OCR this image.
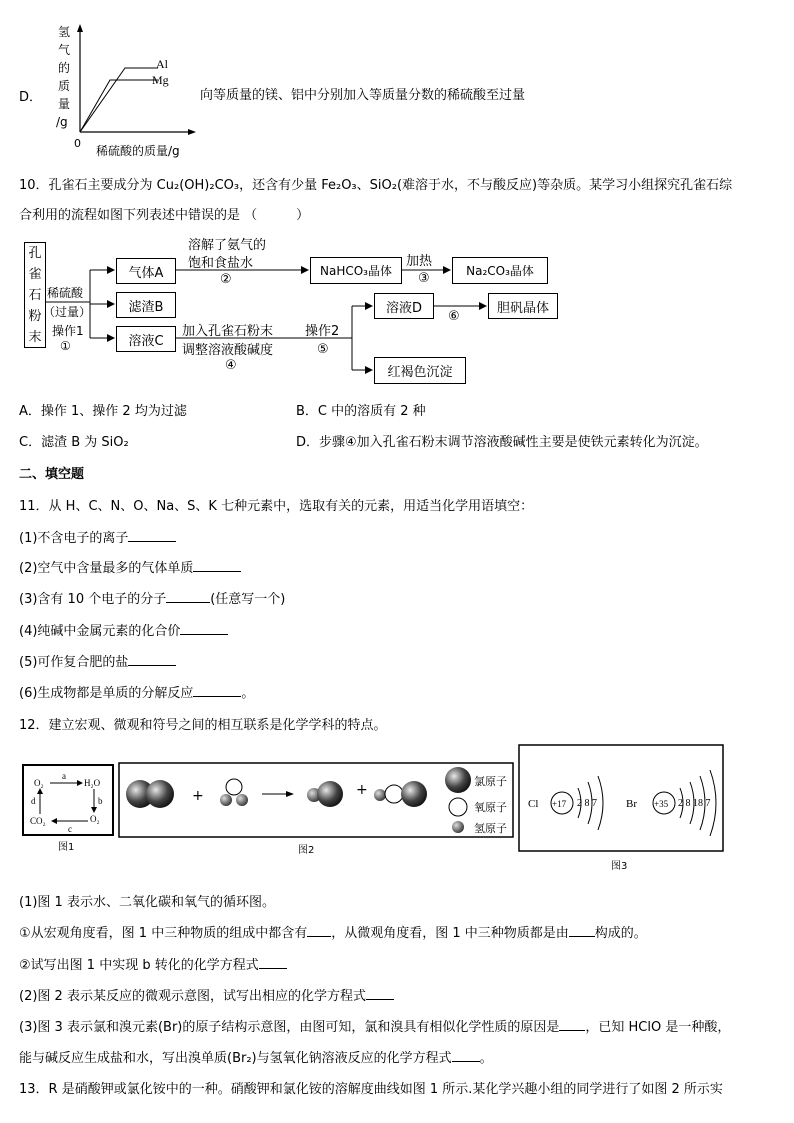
D．
氢
气
的
质
量
/g
0
Al
Mg
稀硫酸的质量/g
向等质量的镁、铝中分别加入等质量分数的稀硫酸至过量
10．孔雀石主要成分为 Cu₂(OH)₂CO₃，还含有少量 Fe₂O₃、SiO₂(难溶于水，不与酸反应)等杂质。某学习小组探究孔雀石综
合利用的流程如图下列表述中错误的是 （　　　）
孔
雀
石
粉
末
稀硫酸
（过量）
操作1
①
气体A
滤渣B
溶液C
溶解了氨气的
饱和食盐水
②
NaHCO₃晶体
加热
③	Na₂CO₃晶体
加入孔雀石粉末
调整溶液酸碱度
④
操作2
⑤
溶液D
⑥
胆矾晶体
红褐色沉淀
A．操作 1、操作 2 均为过滤	B．C 中的溶质有 2 种
C．滤渣 B 为 SiO₂	D．步骤④加入孔雀石粉末调节溶液酸碱性主要是使铁元素转化为沉淀。
二、填空题
11．从 H、C、N、O、Na、S、K 七种元素中，选取有关的元素，用适当化学用语填空：
(1)不含电子的离子
(2)空气中含量最多的气体单质
(3)含有 10 个电子的分子	(任意写一个)
(4)纯碱中金属元素的化合价
(5)可作复合肥的盐
(6)生成物都是单质的分解反应	。
12．建立宏观、微观和符号之间的相互联系是化学学科的特点。
O₂	H₂O
CO₂	O₂
a
b
c
d
图1
+	+
氯原子
氧原子
氢原子
图2
Cl +17 2 8 7	Br +35 2 8 18 7
图3
(1)图 1 表示水、二氧化碳和氧气的循环图。
①从宏观角度看，图 1 中三种物质的组成中都含有 ，从微观角度看，图 1 中三种物质都是由 构成的。
②试写出图 1 中实现 b 转化的化学方程式
(2)图 2 表示某反应的微观示意图，试写出相应的化学方程式
(3)图 3 表示氯和溴元素(Br)的原子结构示意图，由图可知，氯和溴具有相似化学性质的原因是 ，已知 HClO 是一种酸，
能与碱反应生成盐和水，写出溴单质(Br₂)与氢氧化钠溶液反应的化学方程式 。
13．R 是硝酸钾或氯化铵中的一种。硝酸钾和氯化铵的溶解度曲线如图 1 所示.某化学兴趣小组的同学进行了如图 2 所示实
